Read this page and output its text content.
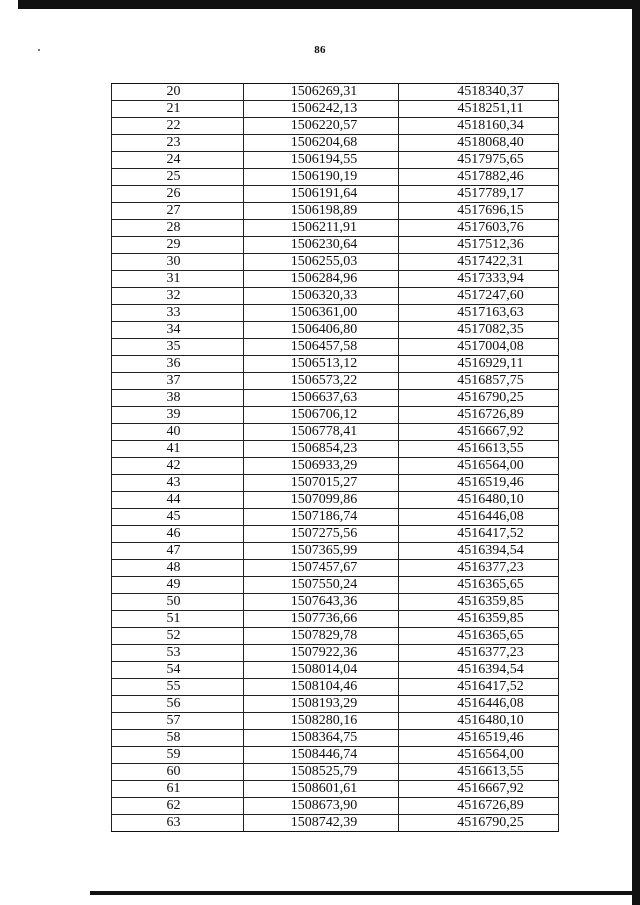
86
20	1506269,31	4518340,37
21	1506242,13	4518251,11
22	1506220,57	4518160,34
23	1506204,68	4518068,40
24	1506194,55	4517975,65
25	1506190,19	4517882,46
26	1506191,64	4517789,17
27	1506198,89	4517696,15
28	1506211,91	4517603,76
29	1506230,64	4517512,36
30	1506255,03	4517422,31
31	1506284,96	4517333,94
32	1506320,33	4517247,60
33	1506361,00	4517163,63
34	1506406,80	4517082,35
35	1506457,58	4517004,08
36	1506513,12	4516929,11
37	1506573,22	4516857,75
38	1506637,63	4516790,25
39	1506706,12	4516726,89
40	1506778,41	4516667,92
41	1506854,23	4516613,55
42	1506933,29	4516564,00
43	1507015,27	4516519,46
44	1507099,86	4516480,10
45	1507186,74	4516446,08
46	1507275,56	4516417,52
47	1507365,99	4516394,54
48	1507457,67	4516377,23
49	1507550,24	4516365,65
50	1507643,36	4516359,85
51	1507736,66	4516359,85
52	1507829,78	4516365,65
53	1507922,36	4516377,23
54	1508014,04	4516394,54
55	1508104,46	4516417,52
56	1508193,29	4516446,08
57	1508280,16	4516480,10
58	1508364,75	4516519,46
59	1508446,74	4516564,00
60	1508525,79	4516613,55
61	1508601,61	4516667,92
62	1508673,90	4516726,89
63	1508742,39	4516790,25
